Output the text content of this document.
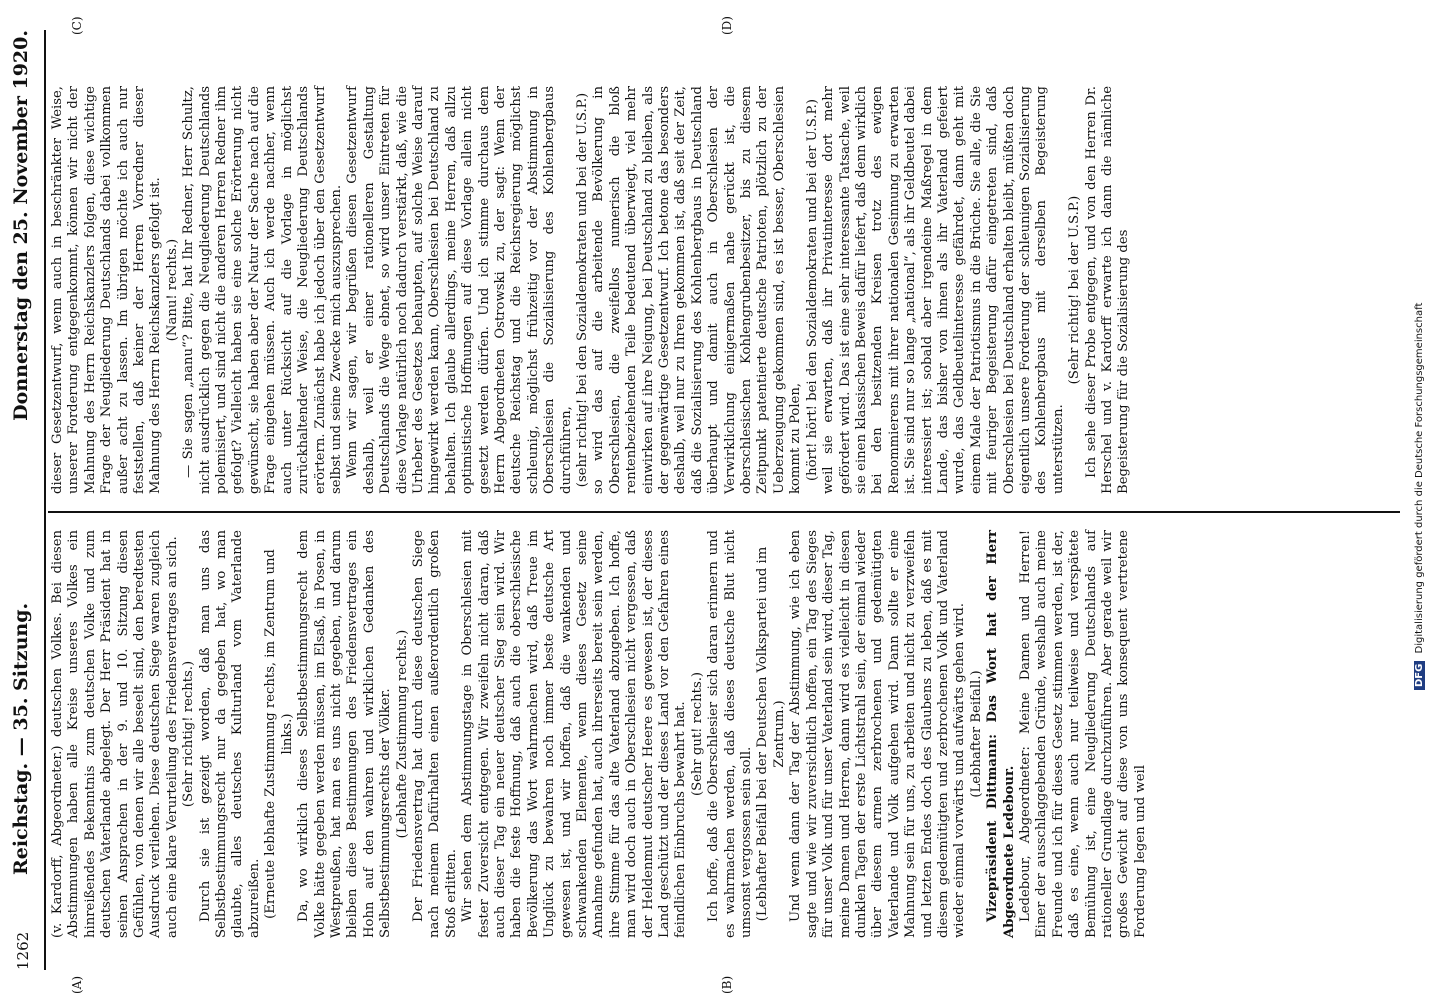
1262
Reichstag. — 35. Sitzung.
Donnerstag den 25. November 1920.
(A)	(B)
(C)	(D)

(v. Kardorff, Abgeordneter.) deutschen Volkes. Bei diesen Abstimmungen haben alle Kreise unseres Volkes ein hinreißendes Bekenntnis zum deutschen Volke und zum deutschen Vaterlande abgelegt. Der Herr Präsident hat in seinen Ansprachen in der 9. und 10. Sitzung diesen Gefühlen, von denen wir alle beseelt sind, den beredtesten Ausdruck verliehen. Diese deutschen Siege waren zugleich auch eine klare Verurteilung des Friedensvertrages an sich. (Sehr richtig! rechts.) Durch sie ist gezeigt worden, daß man uns das Selbstbestimmungsrecht nur da gegeben hat, wo man glaubte, alles deutsches Kulturland vom Vaterlande abzureißen. (Erneute lebhafte Zustimmung rechts, im Zentrum und links.) Da, wo wirklich dieses Selbstbestimmungsrecht dem Volke hätte gegeben werden müssen, im Elsaß, in Posen, in Westpreußen, hat man es uns nicht gegeben, und darum bleiben diese Bestimmungen des Friedensvertrages ein Hohn auf den wahren und wirklichen Gedanken des Selbstbestimmungsrechts der Völker. (Lebhafte Zustimmung rechts.) Der Friedensvertrag hat durch diese deutschen Siege nach meinem Dafürhalten einen außerordentlich großen Stoß erlitten. Wir sehen dem Abstimmungstage in Oberschlesien mit fester Zuversicht entgegen. Wir zweifeln nicht daran, daß auch dieser Tag ein neuer deutscher Sieg sein wird. Wir haben die feste Hoffnung, daß auch die oberschlesische Bevölkerung das Wort wahrmachen wird, daß Treue im Unglück zu bewahren noch immer beste deutsche Art gewesen ist, und wir hoffen, daß die wankenden und schwankenden Elemente, wenn dieses Gesetz seine Annahme gefunden hat, auch ihrerseits bereit sein werden, ihre Stimme für das alte Vaterland abzugeben. Ich hoffe, man wird doch auch in Oberschlesien nicht vergessen, daß der Heldenmut deutscher Heere es gewesen ist, der dieses Land geschützt und der dieses Land vor den Gefahren eines feindlichen Einbruchs bewahrt hat. (Sehr gut! rechts.) Ich hoffe, daß die Oberschlesier sich daran erinnern und es wahrmachen werden, daß dieses deutsche Blut nicht umsonst vergossen sein soll. (Lebhafter Beifall bei der Deutschen Volkspartei und im Zentrum.) Und wenn dann der Tag der Abstimmung, wie ich eben sagte und wie wir zuversichtlich hoffen, ein Tag des Sieges für unser Volk und für unser Vaterland sein wird, dieser Tag, meine Damen und Herren, dann wird es vielleicht in diesen dunklen Tagen der erste Lichtstrahl sein, der einmal wieder über diesem armen zerbrochenen und gedemütigten Vaterlande und Volk aufgehen wird. Dann sollte er eine Mahnung sein für uns, zu arbeiten und nicht zu verzweifeln und letzten Endes doch des Glaubens zu leben, daß es mit diesem gedemütigten und zerbrochenen Volk und Vaterland wieder einmal vorwärts und aufwärts gehen wird. (Lebhafter Beifall.) Vizepräsident Dittmann: Das Wort hat der Herr Abgeordnete Ledebour. Ledebour, Abgeordneter: Meine Damen und Herren! Einer der ausschlaggebenden Gründe, weshalb auch meine Freunde und ich für dieses Gesetz stimmen werden, ist der, daß es eine, wenn auch nur teilweise und verspätete Bemühung ist, eine Neugliederung Deutschlands auf rationeller Grundlage durchzuführen. Aber gerade weil wir großes Gewicht auf diese von uns konsequent vertretene Forderung legen und weil

dieser Gesetzentwurf, wenn auch in beschränkter Weise, unserer Forderung entgegenkommt, können wir nicht der Mahnung des Herrn Reichskanzlers folgen, diese wichtige Frage der Neugliederung Deutschlands dabei vollkommen außer acht zu lassen. Im übrigen möchte ich auch nur feststellen, daß keiner der Herren Vorredner dieser Mahnung des Herrn Reichskanzlers gefolgt ist. (Nanu! rechts.) — Sie sagen „nanu“? Bitte, hat Ihr Redner, Herr Schultz, nicht ausdrücklich gegen die Neugliederung Deutschlands polemisiert, und sind nicht die anderen Herren Redner ihm gefolgt? Vielleicht haben sie eine solche Erörterung nicht gewünscht, sie haben aber der Natur der Sache nach auf die Frage eingehen müssen. Auch ich werde nachher, wenn auch unter Rücksicht auf die Vorlage in möglichst zurückhaltender Weise, die Neugliederung Deutschlands erörtern. Zunächst habe ich jedoch über den Gesetzentwurf selbst und seine Zwecke mich auszusprechen. Wenn wir sagen, wir begrüßen diesen Gesetzentwurf deshalb, weil er einer rationelleren Gestaltung Deutschlands die Wege ebnet, so wird unser Eintreten für diese Vorlage natürlich noch dadurch verstärkt, daß, wie die Urheber des Gesetzes behaupten, auf solche Weise darauf hingewirkt werden kann, Oberschlesien bei Deutschland zu behalten. Ich glaube allerdings, meine Herren, daß allzu optimistische Hoffnungen auf diese Vorlage allein nicht gesetzt werden dürfen. Und ich stimme durchaus dem Herrn Abgeordneten Ostrowski zu, der sagt: Wenn der deutsche Reichstag und die Reichsregierung möglichst schleunig, möglichst frühzeitig vor der Abstimmung in Oberschlesien die Sozialisierung des Kohlenbergbaus durchführen, (sehr richtig! bei den Sozialdemokraten und bei der U.S.P.) so wird das auf die arbeitende Bevölkerung in Oberschlesien, die zweifellos numerisch die bloß rentenbeziehenden Teile bedeutend überwiegt, viel mehr einwirken auf ihre Neigung, bei Deutschland zu bleiben, als der gegenwärtige Gesetzentwurf. Ich betone das besonders deshalb, weil nur zu Ihren gekommen ist, daß seit der Zeit, daß die Sozialisierung des Kohlenbergbaus in Deutschland überhaupt und damit auch in Oberschlesien der Verwirklichung einigermaßen nahe gerückt ist, die oberschlesischen Kohlengrubenbesitzer, bis zu diesem Zeitpunkt patentierte deutsche Patrioten, plötzlich zu der Ueberzeugung gekommen sind, es ist besser, Oberschlesien kommt zu Polen, (hört! hört! bei den Sozialdemokraten und bei der U.S.P.) weil sie erwarten, daß ihr Privatinteresse dort mehr gefördert wird. Das ist eine sehr interessante Tatsache, weil sie einen klassischen Beweis dafür liefert, daß denn wirklich bei den besitzenden Kreisen trotz des ewigen Renommierens mit ihrer nationalen Gesinnung zu erwarten ist. Sie sind nur so lange „national“, als ihr Geldbeutel dabei interessiert ist; sobald aber irgendeine Maßregel in dem Lande, das bisher von ihnen als ihr Vaterland gefeiert wurde, das Geldbeutelinteresse gefährdet, dann geht mit einem Male der Patriotismus in die Brüche. Sie alle, die Sie mit feuriger Begeisterung dafür eingetreten sind, daß Oberschlesien bei Deutschland erhalten bleibt, müßten doch eigentlich unsere Forderung der schleunigen Sozialisierung des Kohlenbergbaus mit derselben Begeisterung unterstützen.

(Sehr richtig! bei der U.S.P.) Ich sehe dieser Probe entgegen, und von den Herren Dr. Herschel und v. Kardorff erwarte ich dann die nämliche Begeisterung für die Sozialisierung des

DFG Digitalisierung gefördert durch die Deutsche Forschungsgemeinschaft
